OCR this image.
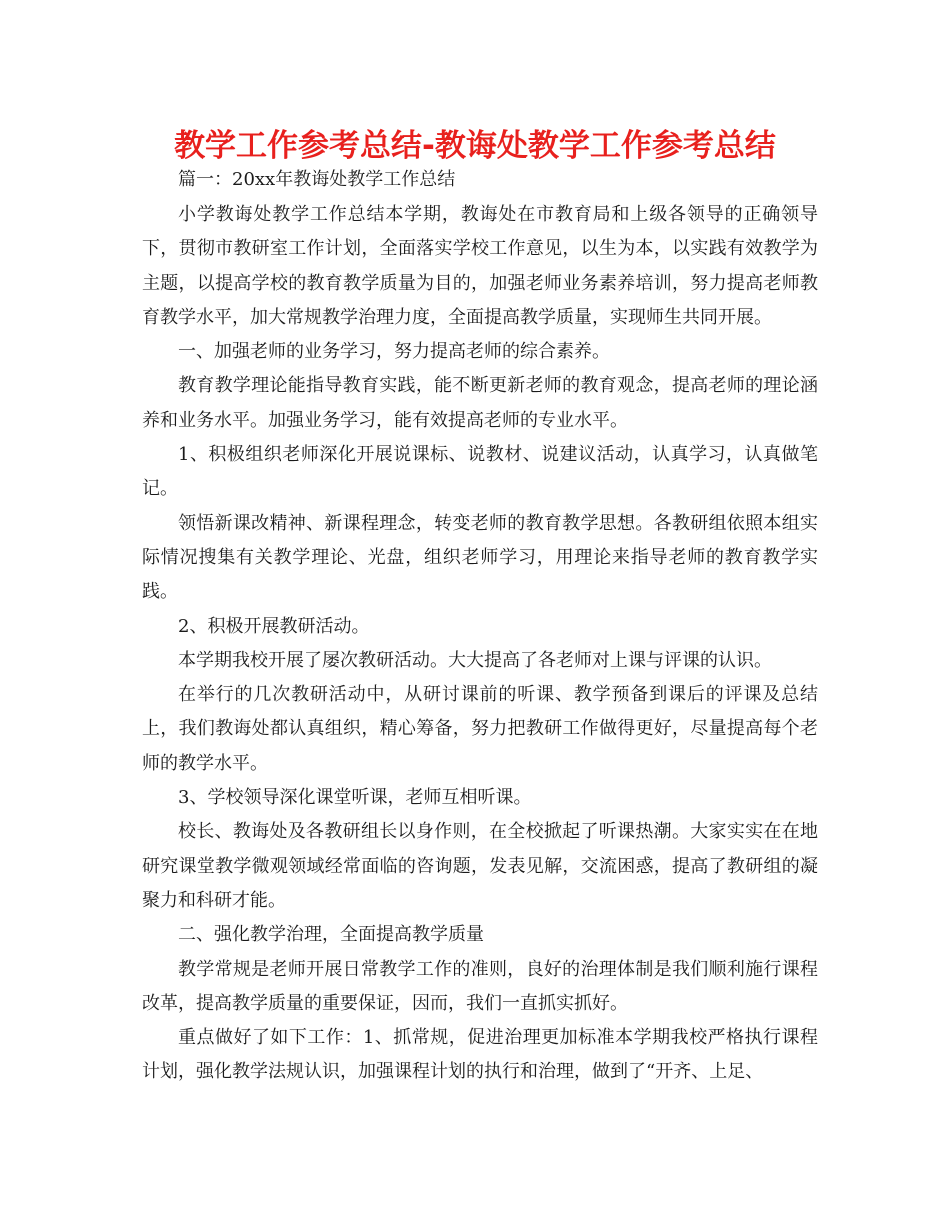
教学工作参考总结-教诲处教学工作参考总结

篇一：20xx年教诲处教学工作总结

小学教诲处教学工作总结本学期，教诲处在市教育局和上级各领导的正确领导下，贯彻市教研室工作计划，全面落实学校工作意见，以生为本，以实践有效教学为主题，以提高学校的教育教学质量为目的，加强老师业务素养培训，努力提高老师教育教学水平，加大常规教学治理力度，全面提高教学质量，实现师生共同开展。

一、加强老师的业务学习，努力提高老师的综合素养。

教育教学理论能指导教育实践，能不断更新老师的教育观念，提高老师的理论涵养和业务水平。加强业务学习，能有效提高老师的专业水平。

1、积极组织老师深化开展说课标、说教材、说建议活动，认真学习，认真做笔记。

领悟新课改精神、新课程理念，转变老师的教育教学思想。各教研组依照本组实际情况搜集有关教学理论、光盘，组织老师学习，用理论来指导老师的教育教学实践。

2、积极开展教研活动。

本学期我校开展了屡次教研活动。大大提高了各老师对上课与评课的认识。

在举行的几次教研活动中，从研讨课前的听课、教学预备到课后的评课及总结上，我们教诲处都认真组织，精心筹备，努力把教研工作做得更好，尽量提高每个老师的教学水平。

3、学校领导深化课堂听课，老师互相听课。

校长、教诲处及各教研组长以身作则，在全校掀起了听课热潮。大家实实在在地研究课堂教学微观领域经常面临的咨询题，发表见解，交流困惑，提高了教研组的凝聚力和科研才能。

二、强化教学治理，全面提高教学质量

教学常规是老师开展日常教学工作的准则，良好的治理体制是我们顺利施行课程改革，提高教学质量的重要保证，因而，我们一直抓实抓好。

重点做好了如下工作：1、抓常规，促进治理更加标准本学期我校严格执行课程计划，强化教学法规认识，加强课程计划的执行和治理，做到了“开齐、上足、
